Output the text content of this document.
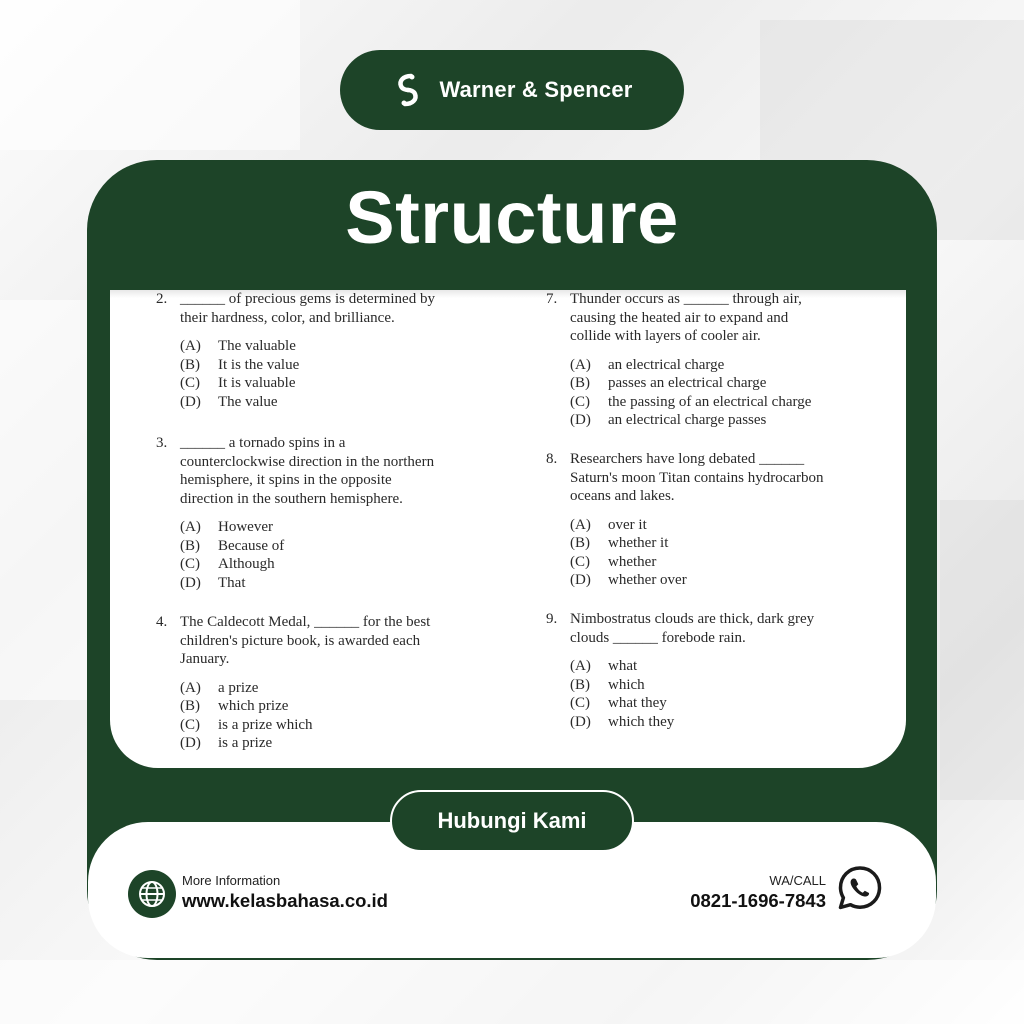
Warner & Spencer
Structure
2. ______ of precious gems is determined by
their hardness, color, and brilliance.
(A)	The valuable
(B)	It is the value
(C)	It is valuable
(D)	The value
3. ______ a tornado spins in a
counterclockwise direction in the northern
hemisphere, it spins in the opposite
direction in the southern hemisphere.
(A)	However
(B)	Because of
(C)	Although
(D)	That
4. The Caldecott Medal, ______ for the best
children's picture book, is awarded each
January.
(A)	a prize
(B)	which prize
(C)	is a prize which
(D)	is a prize
7. Thunder occurs as ______ through air,
causing the heated air to expand and
collide with layers of cooler air.
(A)	an electrical charge
(B)	passes an electrical charge
(C)	the passing of an electrical charge
(D)	an electrical charge passes
8. Researchers have long debated ______
Saturn's moon Titan contains hydrocarbon
oceans and lakes.
(A)	over it
(B)	whether it
(C)	whether
(D)	whether over
9. Nimbostratus clouds are thick, dark grey
clouds ______ forebode rain.
(A)	what
(B)	which
(C)	what they
(D)	which they
Hubungi Kami
More Information
www.kelasbahasa.co.id
WA/CALL
0821-1696-7843
